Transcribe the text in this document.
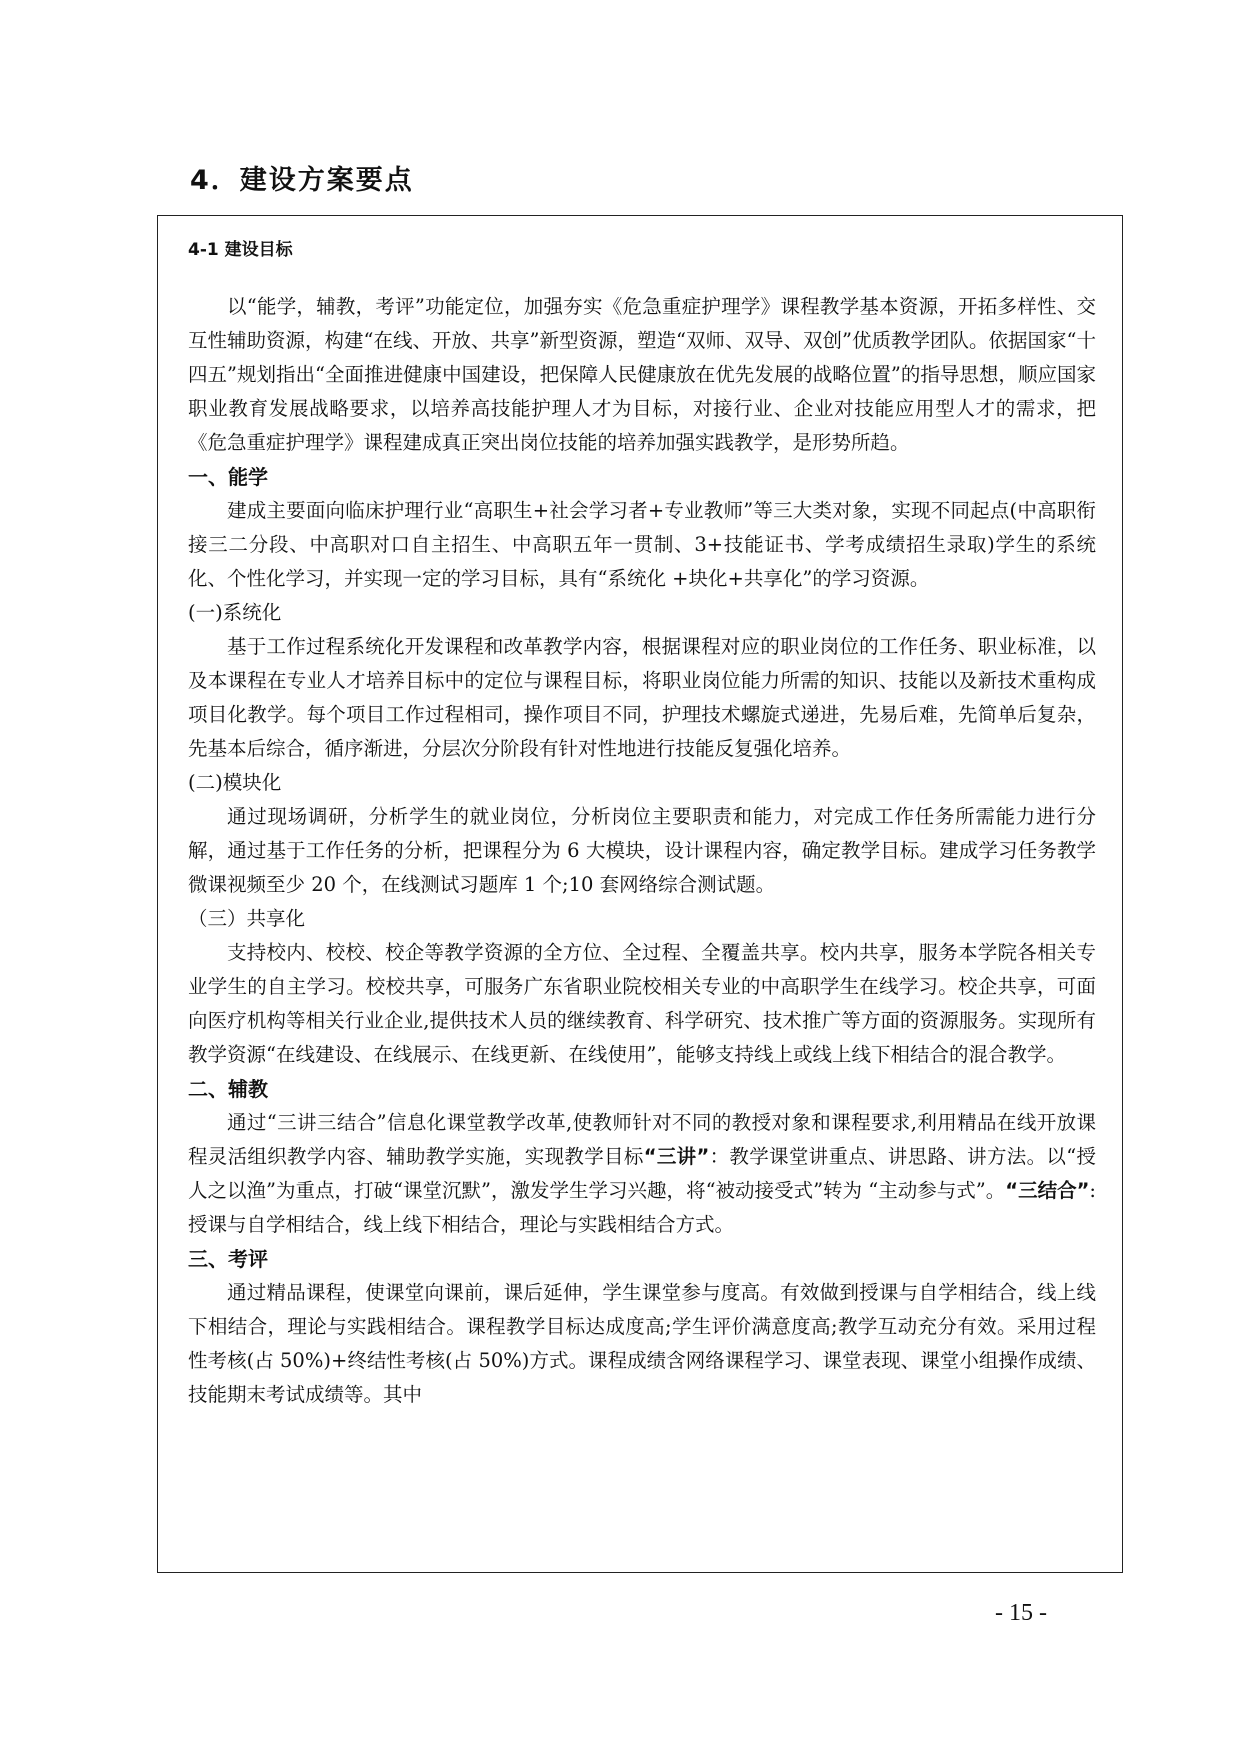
4．建设方案要点
4-1 建设目标

以“能学，辅教，考评”功能定位，加强夯实《危急重症护理学》课程教学基本资源，开拓多样性、交互性辅助资源，构建“在线、开放、共享”新型资源，塑造“双师、双导、双创”优质教学团队。依据国家“十四五”规划指出“全面推进健康中国建设，把保障人民健康放在优先发展的战略位置”的指导思想，顺应国家职业教育发展战略要求，以培养高技能护理人才为目标，对接行业、企业对技能应用型人才的需求，把《危急重症护理学》课程建成真正突出岗位技能的培养加强实践教学，是形势所趋。

一、能学

建成主要面向临床护理行业“高职生+社会学习者+专业教师”等三大类对象，实现不同起点(中高职衔接三二分段、中高职对口自主招生、中高职五年一贯制、3+技能证书、学考成绩招生录取)学生的系统化、个性化学习，并实现一定的学习目标，具有“系统化 +块化+共享化”的学习资源。

(一)系统化

基于工作过程系统化开发课程和改革教学内容，根据课程对应的职业岗位的工作任务、职业标准，以及本课程在专业人才培养目标中的定位与课程目标，将职业岗位能力所需的知识、技能以及新技术重构成项目化教学。每个项目工作过程相司，操作项目不同，护理技术螺旋式递进，先易后难，先简单后复杂，先基本后综合，循序渐进，分层次分阶段有针对性地进行技能反复强化培养。

(二)模块化

通过现场调研，分析学生的就业岗位，分析岗位主要职责和能力，对完成工作任务所需能力进行分解，通过基于工作任务的分析，把课程分为 6 大模块，设计课程内容，确定教学目标。建成学习任务教学微课视频至少 20 个，在线测试习题库 1 个;10 套网络综合测试题。

（三）共享化

支持校内、校校、校企等教学资源的全方位、全过程、全覆盖共享。校内共享，服务本学院各相关专业学生的自主学习。校校共享，可服务广东省职业院校相关专业的中高职学生在线学习。校企共享，可面向医疗机构等相关行业企业,提供技术人员的继续教育、科学研究、技术推广等方面的资源服务。实现所有教学资源“在线建设、在线展示、在线更新、在线使用”，能够支持线上或线上线下相结合的混合教学。

二、辅教

通过“三讲三结合”信息化课堂教学改革,使教师针对不同的教授对象和课程要求,利用精品在线开放课程灵活组织教学内容、辅助教学实施，实现教学目标“三讲”：教学课堂讲重点、讲思路、讲方法。以“授人之以渔”为重点，打破“课堂沉默”，激发学生学习兴趣，将“被动接受式”转为 “主动参与式”。“三结合”:授课与自学相结合，线上线下相结合，理论与实践相结合方式。

三、考评

通过精品课程，使课堂向课前，课后延伸，学生课堂参与度高。有效做到授课与自学相结合，线上线下相结合，理论与实践相结合。课程教学目标达成度高;学生评价满意度高;教学互动充分有效。采用过程性考核(占 50%)+终结性考核(占 50%)方式。课程成绩含网络课程学习、课堂表现、课堂小组操作成绩、技能期末考试成绩等。其中

- 15 -
